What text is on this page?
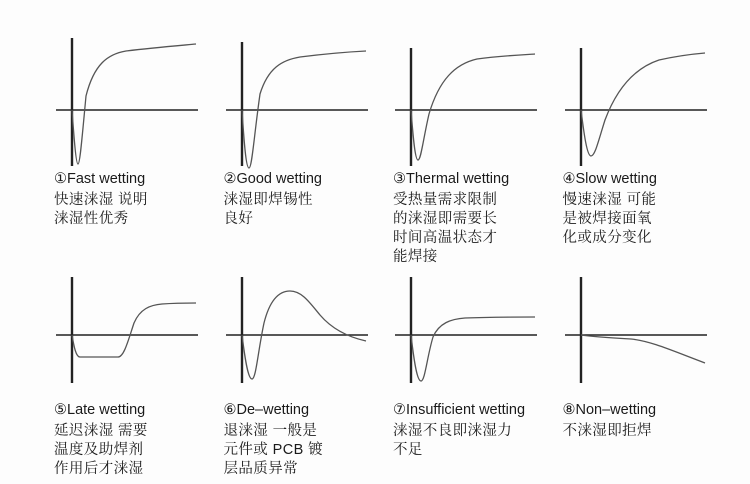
①Fast wetting
快速涞湿 说明
涞湿性优秀
②Good wetting
涞湿即焊锡性
良好
③Thermal wetting
受热量需求限制
的涞湿即需要长
时间高温状态才
能焊接
④Slow wetting
慢速涞湿 可能
是被焊接面氧
化或成分变化
⑤Late wetting
延迟涞湿 需要
温度及助焊剂
作用后才涞湿
⑥De–wetting
退涞湿 一般是
元件或 PCB 镀
层品质异常
⑦Insufficient wetting
涞湿不良即涞湿力
不足
⑧Non–wetting
不涞湿即拒焊
